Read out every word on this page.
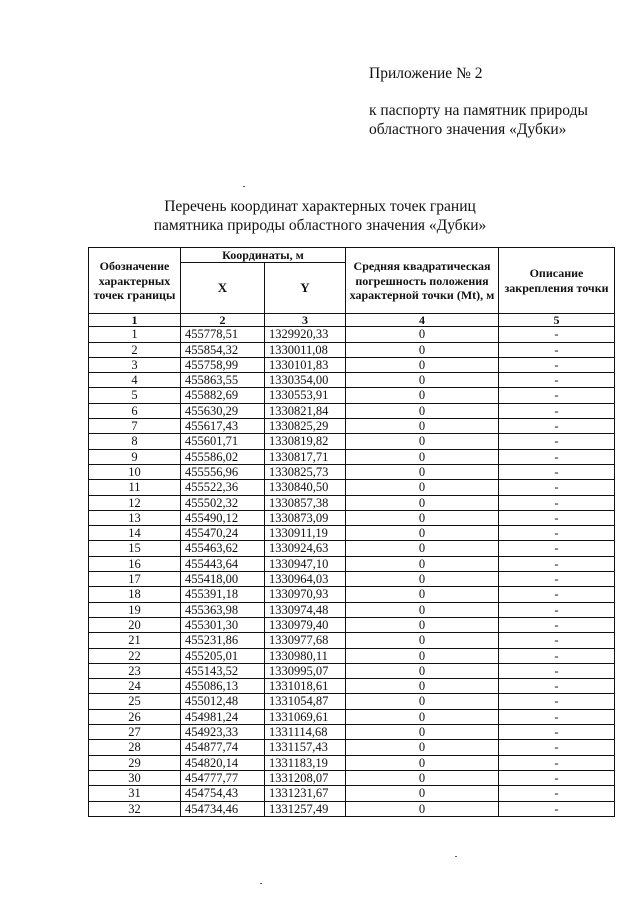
Приложение № 2
к паспорту на памятник природы
областного значения «Дубки»
Перечень координат характерных точек границ
памятника природы областного значения «Дубки»
Обозначение характерных точек границы	Координаты, м		Средняя квадратическая погрешность положения характерной точки (Mt), м	Описание закрепления точки
	X	Y		
1	2	3	4	5
1	455778,51	1329920,33	0	-
2	455854,32	1330011,08	0	-
3	455758,99	1330101,83	0	-
4	455863,55	1330354,00	0	-
5	455882,69	1330553,91	0	-
6	455630,29	1330821,84	0	-
7	455617,43	1330825,29	0	-
8	455601,71	1330819,82	0	-
9	455586,02	1330817,71	0	-
10	455556,96	1330825,73	0	-
11	455522,36	1330840,50	0	-
12	455502,32	1330857,38	0	-
13	455490,12	1330873,09	0	-
14	455470,24	1330911,19	0	-
15	455463,62	1330924,63	0	-
16	455443,64	1330947,10	0	-
17	455418,00	1330964,03	0	-
18	455391,18	1330970,93	0	-
19	455363,98	1330974,48	0	-
20	455301,30	1330979,40	0	-
21	455231,86	1330977,68	0	-
22	455205,01	1330980,11	0	-
23	455143,52	1330995,07	0	-
24	455086,13	1331018,61	0	-
25	455012,48	1331054,87	0	-
26	454981,24	1331069,61	0	-
27	454923,33	1331114,68	0	-
28	454877,74	1331157,43	0	-
29	454820,14	1331183,19	0	-
30	454777,77	1331208,07	0	-
31	454754,43	1331231,67	0	-
32	454734,46	1331257,49	0	-
